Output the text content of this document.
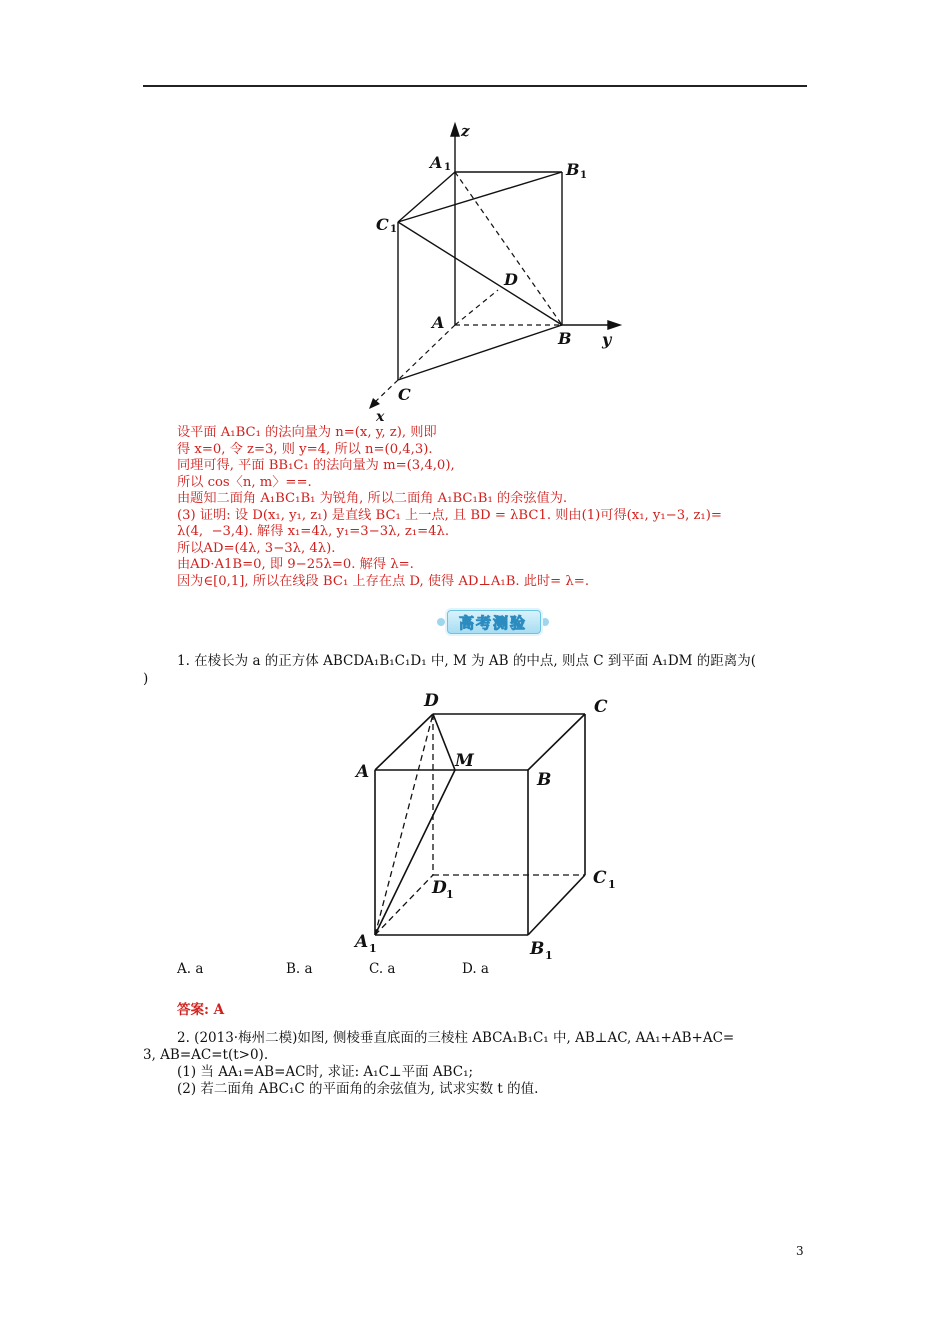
z
y
x
A 1	B 1
C 1
D
A
B
C
设平面 A₁BC₁ 的法向量为 n=(x, y, z), 则即
得 x=0, 令 z=3, 则 y=4, 所以 n=(0,4,3).
同理可得, 平面 BB₁C₁ 的法向量为 m=(3,4,0),
所以 cos〈n, m〉==.
由题知二面角 A₁BC₁B₁ 为锐角, 所以二面角 A₁BC₁B₁ 的余弦值为.
(3) 证明: 设 D(x₁, y₁, z₁) 是直线 BC₁ 上一点, 且 BD = λBC1. 则由(1)可得(x₁, y₁−3, z₁)=
λ(4,  −3,4). 解得 x₁=4λ, y₁=3−3λ, z₁=4λ.
所以AD=(4λ, 3−3λ, 4λ).
由AD·A1B=0, 即 9−25λ=0. 解得 λ=.
因为∈[0,1], 所以在线段 BC₁ 上存在点 D, 使得 AD⊥A₁B. 此时= λ=.
高考测验
1. 在棱长为 a 的正方体 ABCDA₁B₁C₁D₁ 中, M 为 AB 的中点, 则点 C 到平面 A₁DM 的距离为(
)
D	C
A
M
B
D 1
C 1
A 1	B 1
A. a	B. a	C. a	D. a
答案: A
2. (2013·梅州二模)如图, 侧棱垂直底面的三棱柱 ABCA₁B₁C₁ 中, AB⊥AC, AA₁+AB+AC=
3, AB=AC=t(t>0).
(1) 当 AA₁=AB=AC时, 求证: A₁C⊥平面 ABC₁;
(2) 若二面角 ABC₁C 的平面角的余弦值为, 试求实数 t 的值.
3
